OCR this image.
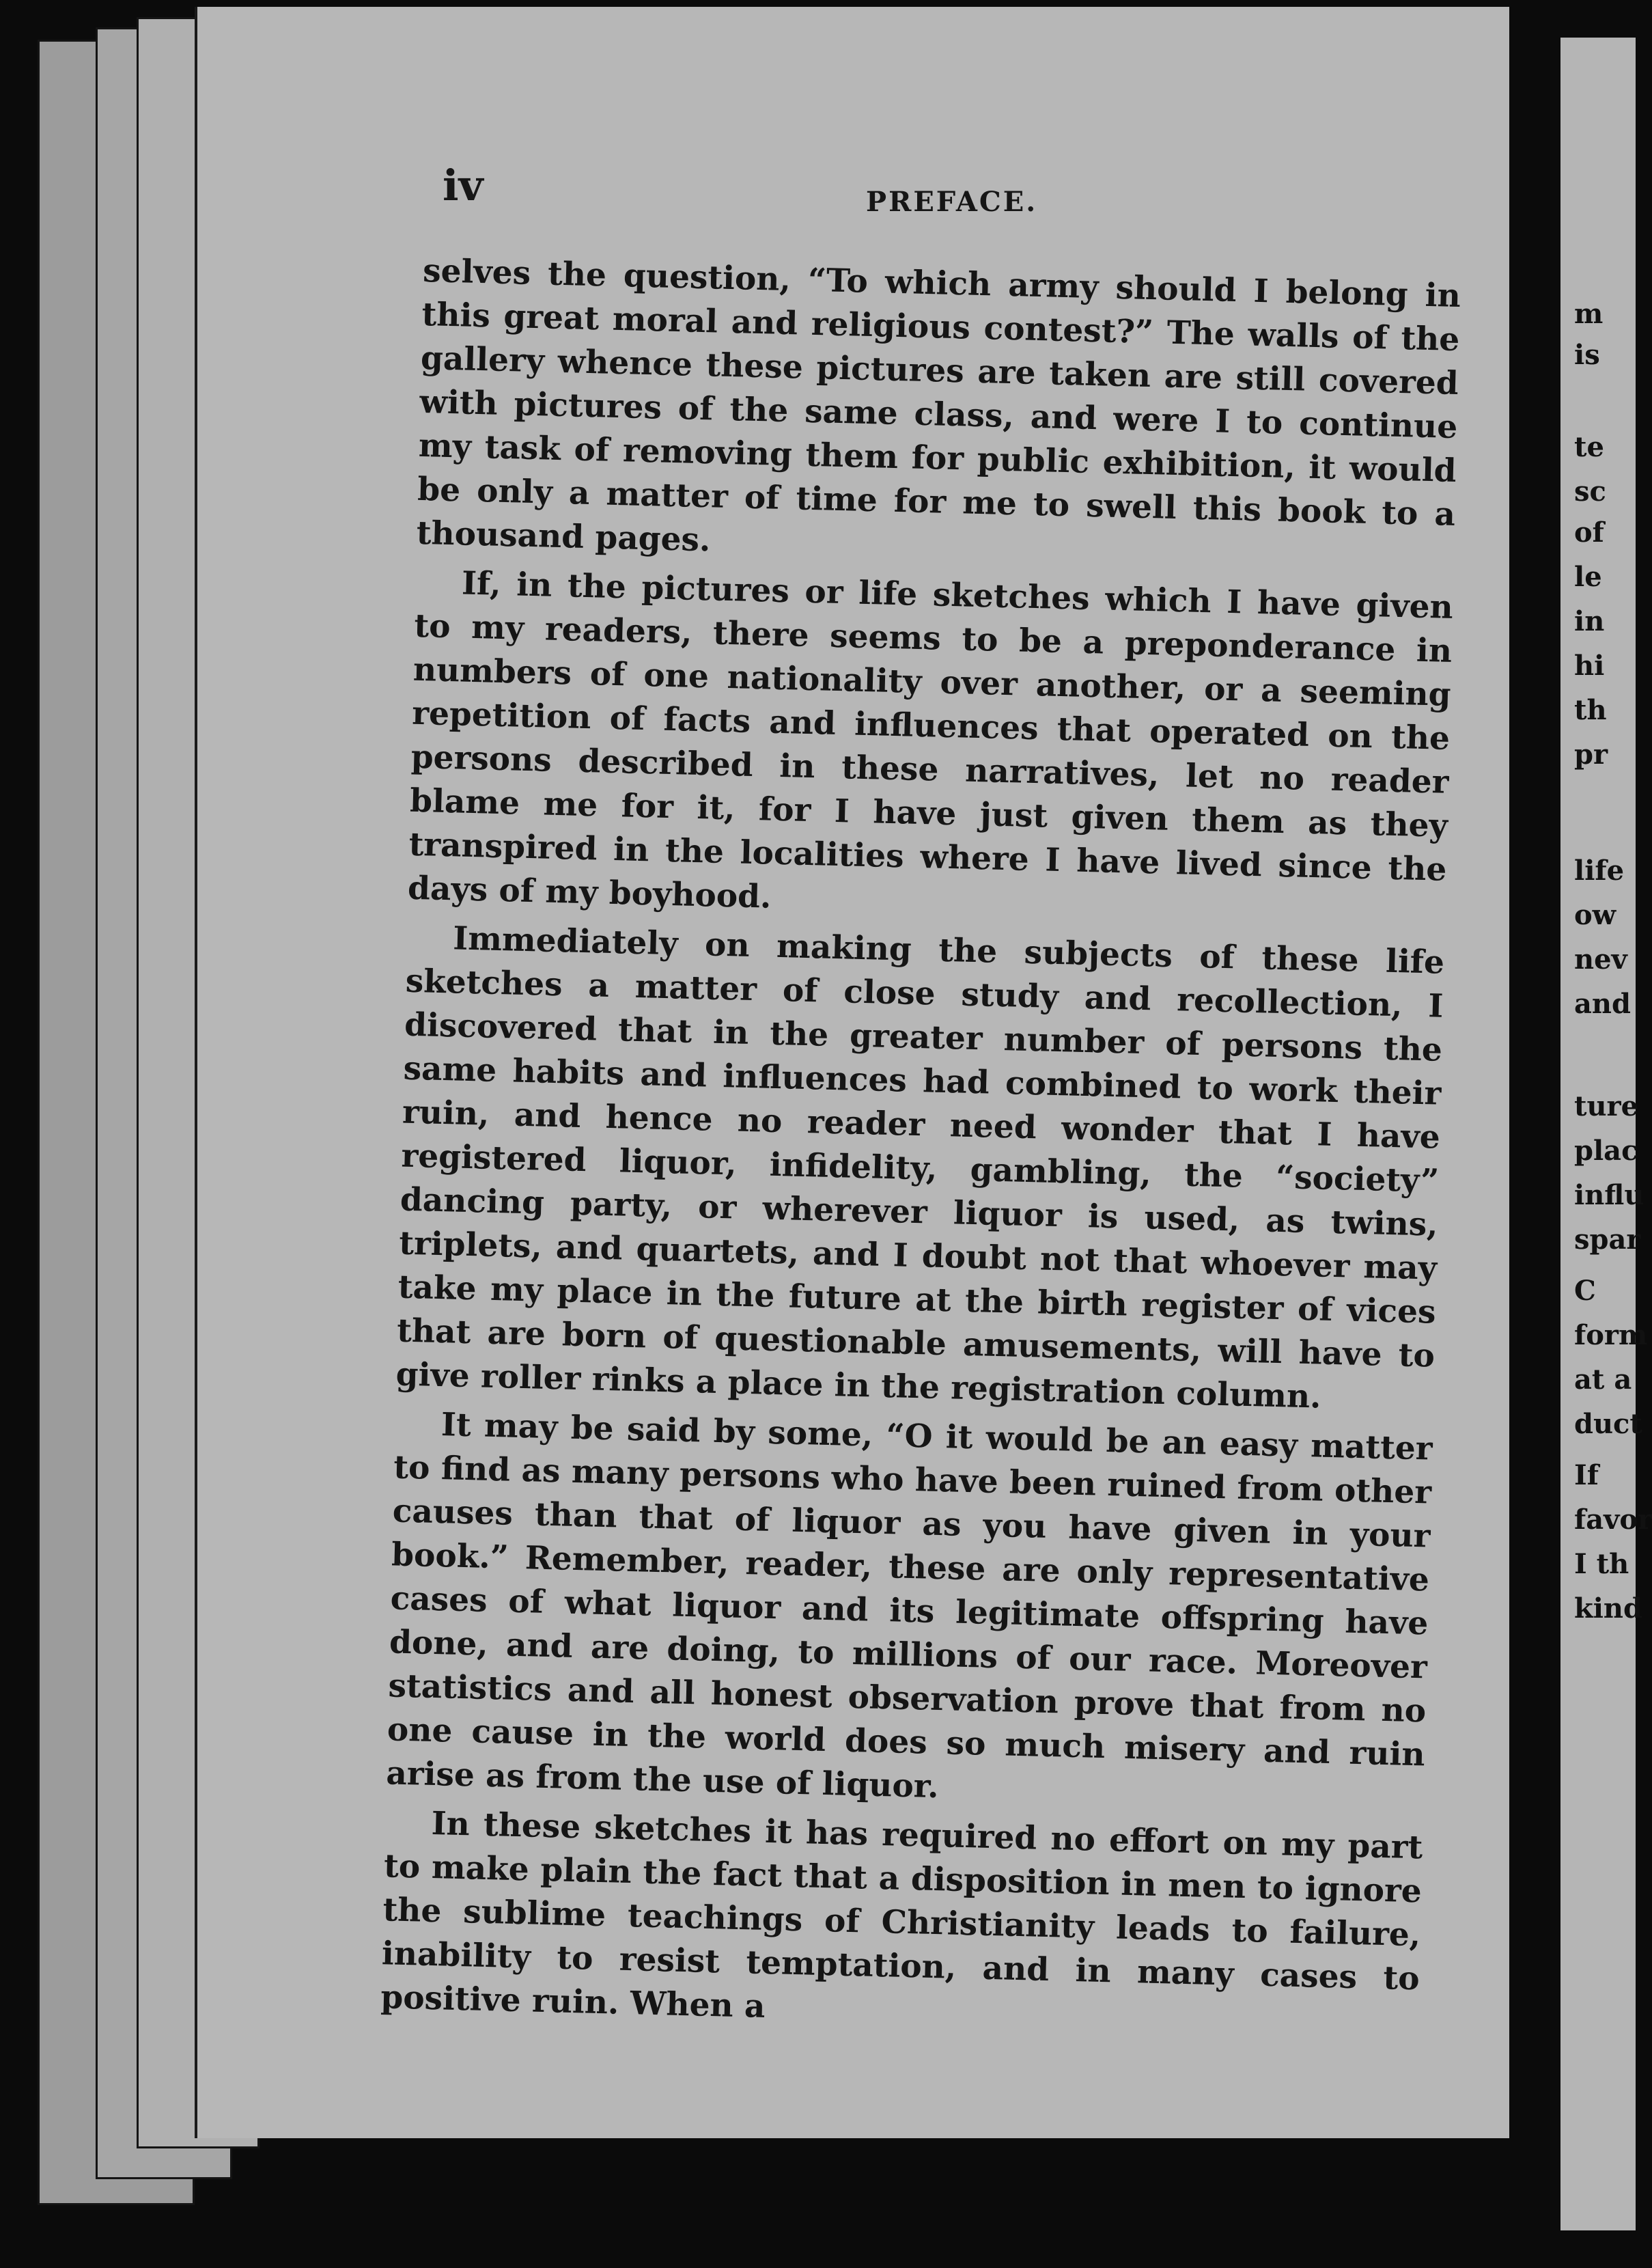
iv	PREFACE.

selves the question, “To which army should I belong in this great moral and religious contest?” The walls of the gallery whence these pictures are taken are still covered with pictures of the same class, and were I to continue my task of removing them for public exhibition, it would be only a matter of time for me to swell this book to a thousand pages.

If, in the pictures or life sketches which I have given to my readers, there seems to be a preponderance in numbers of one nationality over another, or a seeming repetition of facts and influences that operated on the persons described in these narratives, let no reader blame me for it, for I have just given them as they transpired in the localities where I have lived since the days of my boyhood.

Immediately on making the subjects of these life sketches a matter of close study and recollection, I discovered that in the greater number of persons the same habits and influences had combined to work their ruin, and hence no reader need wonder that I have registered liquor, infidelity, gambling, the “society” dancing party, or wherever liquor is used, as twins, triplets, and quartets, and I doubt not that whoever may take my place in the future at the birth register of vices that are born of questionable amusements, will have to give roller rinks a place in the registration column.

It may be said by some, “O it would be an easy matter to find as many persons who have been ruined from other causes than that of liquor as you have given in your book.” Remember, reader, these are only representative cases of what liquor and its legitimate offspring have done, and are doing, to millions of our race. Moreover statistics and all honest observation prove that from no one cause in the world does so much misery and ruin arise as from the use of liquor.

In these sketches it has required no effort on my part to make plain the fact that a disposition in men to ignore the sublime teachings of Christianity leads to failure, inability to resist temptation, and in many cases to positive ruin. When a

m
is
te
sc
of
le
in
hi
th
pr
life
ow
nev
and
ture
plac
influ
spar
C
form
at a
duct
If
favor
I th
kind
